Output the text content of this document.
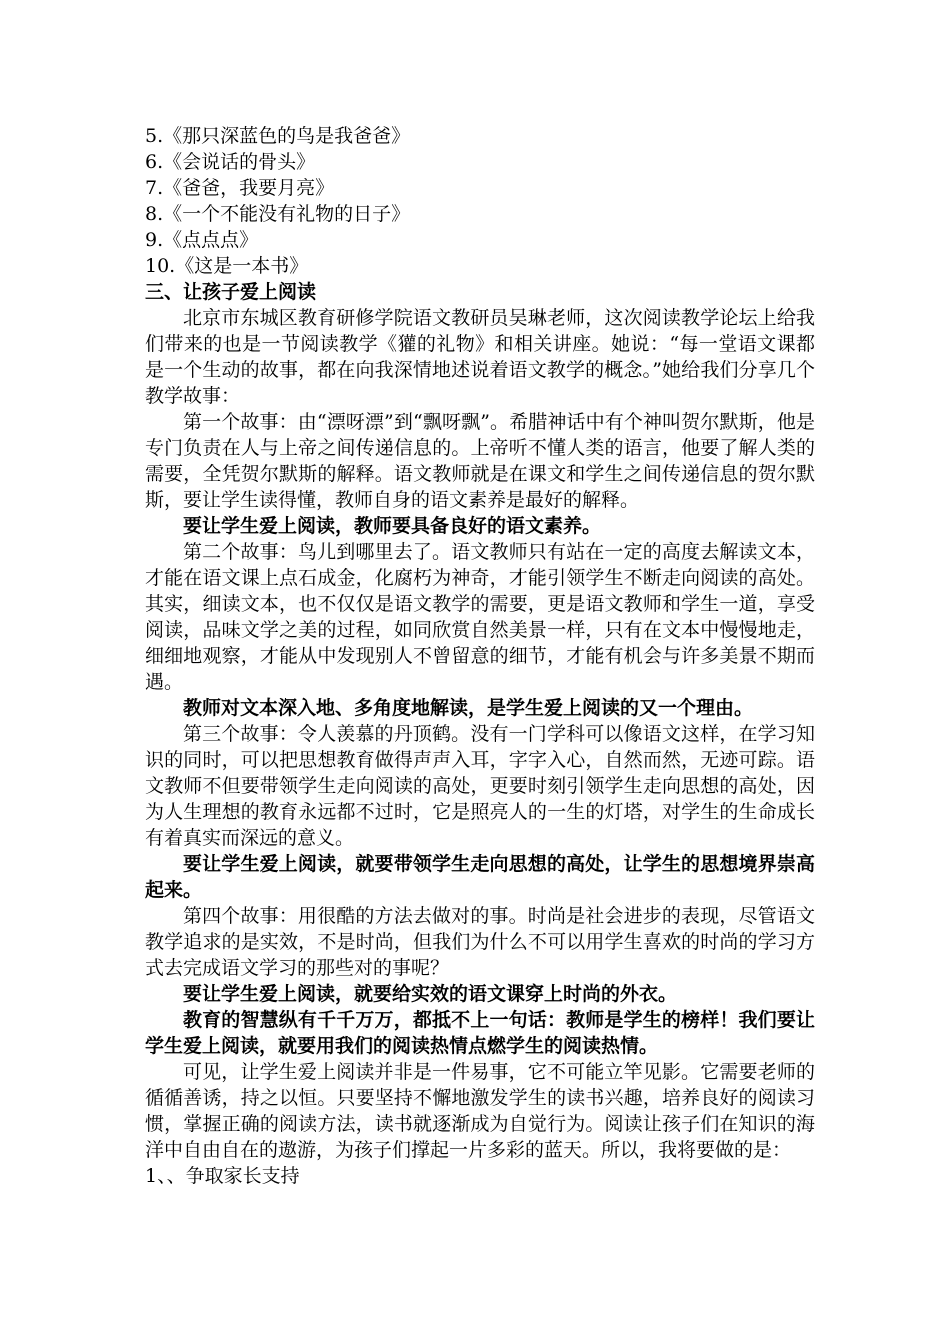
5.《那只深蓝色的鸟是我爸爸》
6.《会说话的骨头》
7.《爸爸，我要月亮》
8.《一个不能没有礼物的日子》
9.《点点点》
10.《这是一本书》

三、让孩子爱上阅读

北京市东城区教育研修学院语文教研员吴琳老师，这次阅读教学论坛上给我们带来的也是一节阅读教学《獾的礼物》和相关讲座。她说：“每一堂语文课都是一个生动的故事，都在向我深情地述说着语文教学的概念。”她给我们分享几个教学故事：

第一个故事：由“漂呀漂”到“飘呀飘”。希腊神话中有个神叫贺尔默斯，他是专门负责在人与上帝之间传递信息的。上帝听不懂人类的语言，他要了解人类的需要，全凭贺尔默斯的解释。语文教师就是在课文和学生之间传递信息的贺尔默斯，要让学生读得懂，教师自身的语文素养是最好的解释。

要让学生爱上阅读，教师要具备良好的语文素养。

第二个故事：鸟儿到哪里去了。语文教师只有站在一定的高度去解读文本，才能在语文课上点石成金，化腐朽为神奇，才能引领学生不断走向阅读的高处。其实，细读文本，也不仅仅是语文教学的需要，更是语文教师和学生一道，享受阅读，品味文学之美的过程，如同欣赏自然美景一样，只有在文本中慢慢地走，细细地观察，才能从中发现别人不曾留意的细节，才能有机会与许多美景不期而遇。

教师对文本深入地、多角度地解读，是学生爱上阅读的又一个理由。

第三个故事：令人羡慕的丹顶鹤。没有一门学科可以像语文这样，在学习知识的同时，可以把思想教育做得声声入耳，字字入心，自然而然，无迹可踪。语文教师不但要带领学生走向阅读的高处，更要时刻引领学生走向思想的高处，因为人生理想的教育永远都不过时，它是照亮人的一生的灯塔，对学生的生命成长有着真实而深远的意义。

要让学生爱上阅读，就要带领学生走向思想的高处，让学生的思想境界崇高起来。

第四个故事：用很酷的方法去做对的事。时尚是社会进步的表现，尽管语文教学追求的是实效，不是时尚，但我们为什么不可以用学生喜欢的时尚的学习方式去完成语文学习的那些对的事呢？

要让学生爱上阅读，就要给实效的语文课穿上时尚的外衣。

教育的智慧纵有千千万万，都抵不上一句话：教师是学生的榜样！我们要让学生爱上阅读，就要用我们的阅读热情点燃学生的阅读热情。

可见，让学生爱上阅读并非是一件易事，它不可能立竿见影。它需要老师的循循善诱，持之以恒。只要坚持不懈地激发学生的读书兴趣，培养良好的阅读习惯，掌握正确的阅读方法，读书就逐渐成为自觉行为。阅读让孩子们在知识的海洋中自由自在的遨游，为孩子们撑起一片多彩的蓝天。所以，我将要做的是：

1、、争取家长支持
